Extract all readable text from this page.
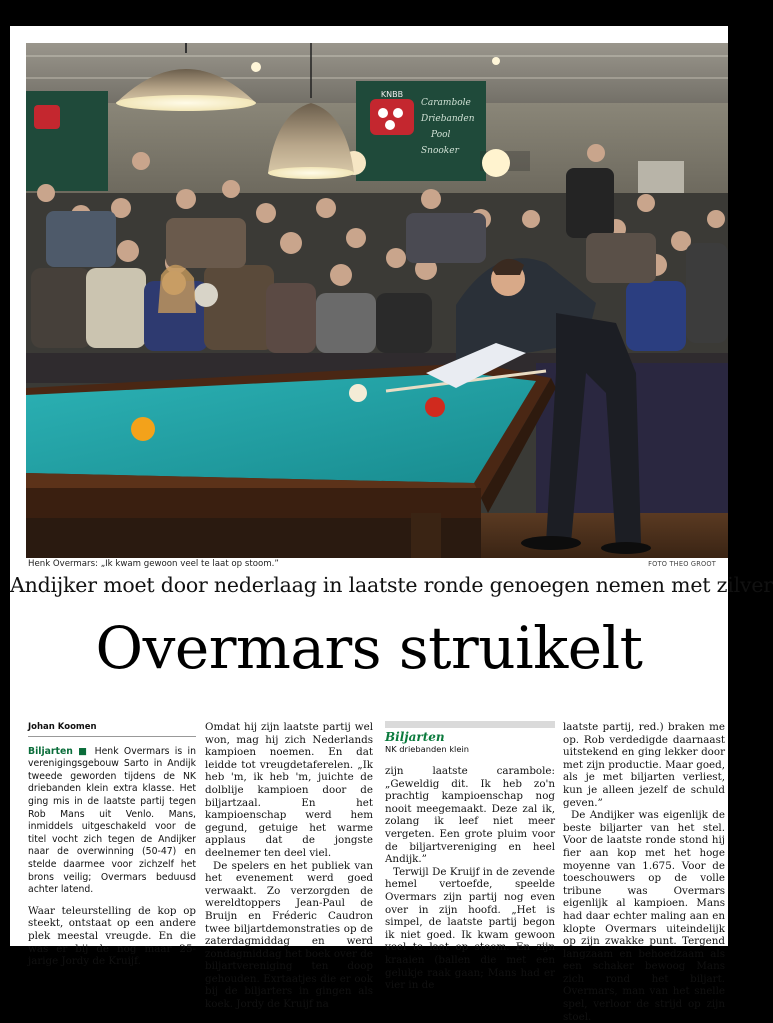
KNBB
Carambole
Driebanden
Pool
Snooker
Henk Overmars: „Ik kwam gewoon veel te laat op stoom.”	FOTO THEO GROOT
Andijker moet door nederlaag in laatste ronde genoegen nemen met zilver
Overmars struikelt
Johan Koomen
Biljarten ■ Henk Overmars is in verenigingsgebouw Sarto in Andijk tweede geworden tijdens de NK driebanden klein extra klasse. Het ging mis in de laatste partij tegen Rob Mans uit Venlo. Mans, inmiddels uitgeschakeld voor de titel vocht zich tegen de Andijker naar de overwinning (50-47) en stelde daarmee voor zichzelf het brons veilig; Overmars beduusd achter latend.

Waar teleurstelling de kop op steekt, ontstaat op een andere plek meestal vreugde. En die was er bij de nog maar 25-jarige Jordy de Kruijf.

Omdat hij zijn laatste partij wel won, mag hij zich Nederlands kampioen noemen. En dat leidde tot vreugdetaferelen. „Ik heb 'm, ik heb 'm, juichte de dolblije kampioen door de biljartzaal. En het kampioenschap werd hem gegund, getuige het warme applaus dat de jongste deelnemer ten deel viel.

De spelers en het publiek van het evenement werd goed verwaakt. Zo verzorgden de wereldtoppers Jean-Paul de Bruijn en Fréderic Caudron twee biljartdemonstraties op de zaterdagmiddag en werd zondagmiddag het boek over de biljartvereniging ten doop gehouden. Exrtaatjes die er ook bij de biljarters in gingen als koek. Jordy de Kruijf na

Biljarten
NK driebanden klein

zijn laatste carambole: „Geweldig dit. Ik heb zo'n prachtig kampioenschap nog nooit meegemaakt. Deze zal ik, zolang ik leef niet meer vergeten. Een grote pluim voor de biljartvereniging en heel Andijk.”

Terwijl De Kruijf in de zevende hemel vertoefde, speelde Overmars zijn partij nog even over in zijn hoofd. „Het is simpel, de laatste partij begon ik niet goed. Ik kwam gewoon veel te laat op stoom. En zijn kraaien (ballen die met een gelukje raak gaan; Mans had er vier in de

laatste partij, red.) braken me op. Rob verdedigde daarnaast uitstekend en ging lekker door met zijn productie. Maar goed, als je met biljarten verliest, kun je alleen jezelf de schuld geven.”

De Andijker was eigenlijk de beste biljarter van het stel. Voor de laatste ronde stond hij fier aan kop met het hoge moyenne van 1.675. Voor de toeschouwers op de volle tribune was Overmars eigenlijk al kampioen. Mans had daar echter maling aan en klopte Overmars uiteindelijk op zijn zwakke punt. Tergend langzaam en behoedzaam als een schaker bewoog Mans zich rond het biljart. Overmars, man van het snelle spel, verloor de strijd op zijn stoel.
